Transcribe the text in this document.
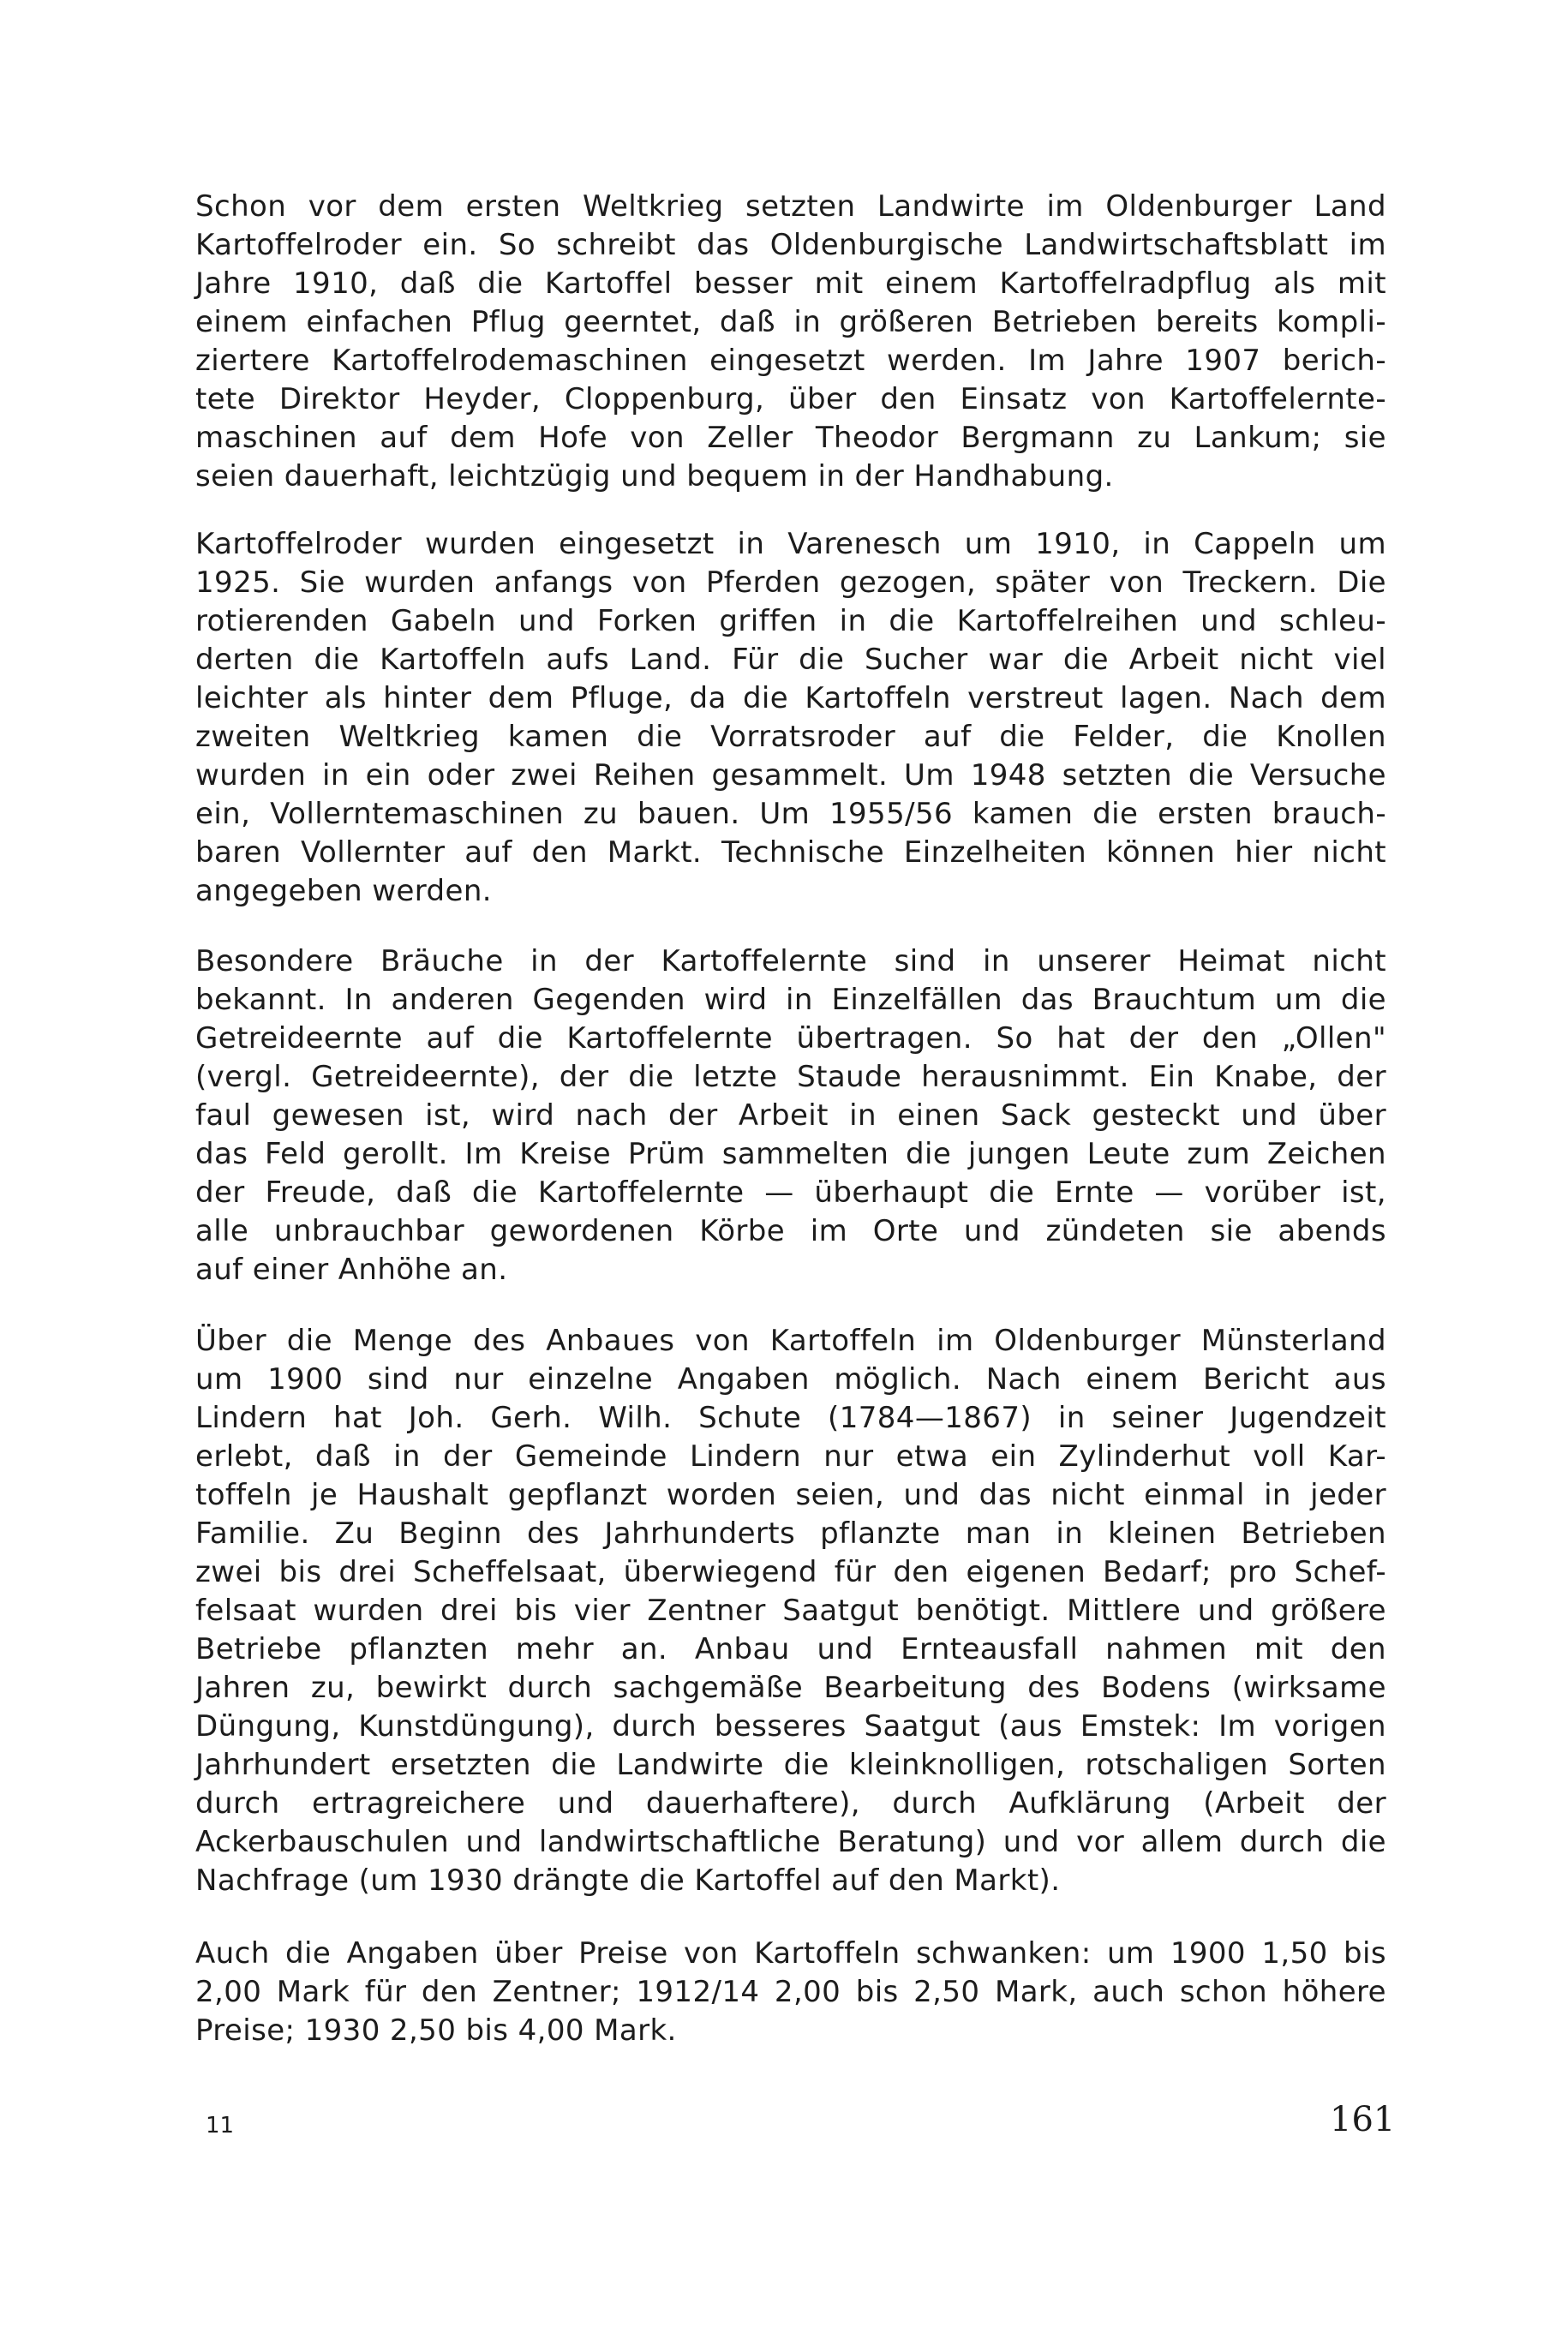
Schon vor dem ersten Weltkrieg setzten Landwirte im Oldenburger Land
Kartoffelroder ein. So schreibt das Oldenburgische Landwirtschaftsblatt im
Jahre 1910, daß die Kartoffel besser mit einem Kartoffelradpflug als mit
einem einfachen Pflug geerntet, daß in größeren Betrieben bereits kompli-
ziertere Kartoffelrodemaschinen eingesetzt werden. Im Jahre 1907 berich-
tete Direktor Heyder, Cloppenburg, über den Einsatz von Kartoffelernte-
maschinen auf dem Hofe von Zeller Theodor Bergmann zu Lankum; sie
seien dauerhaft, leichtzügig und bequem in der Handhabung.
Kartoffelroder wurden eingesetzt in Varenesch um 1910, in Cappeln um
1925. Sie wurden anfangs von Pferden gezogen, später von Treckern. Die
rotierenden Gabeln und Forken griffen in die Kartoffelreihen und schleu-
derten die Kartoffeln aufs Land. Für die Sucher war die Arbeit nicht viel
leichter als hinter dem Pfluge, da die Kartoffeln verstreut lagen. Nach dem
zweiten Weltkrieg kamen die Vorratsroder auf die Felder, die Knollen
wurden in ein oder zwei Reihen gesammelt. Um 1948 setzten die Versuche
ein, Vollerntemaschinen zu bauen. Um 1955/56 kamen die ersten brauch-
baren Vollernter auf den Markt. Technische Einzelheiten können hier nicht
angegeben werden.
Besondere Bräuche in der Kartoffelernte sind in unserer Heimat nicht
bekannt. In anderen Gegenden wird in Einzelfällen das Brauchtum um die
Getreideernte auf die Kartoffelernte übertragen. So hat der den „Ollen"
(vergl. Getreideernte), der die letzte Staude herausnimmt. Ein Knabe, der
faul gewesen ist, wird nach der Arbeit in einen Sack gesteckt und über
das Feld gerollt. Im Kreise Prüm sammelten die jungen Leute zum Zeichen
der Freude, daß die Kartoffelernte — überhaupt die Ernte — vorüber ist,
alle unbrauchbar gewordenen Körbe im Orte und zündeten sie abends
auf einer Anhöhe an.
Über die Menge des Anbaues von Kartoffeln im Oldenburger Münsterland
um 1900 sind nur einzelne Angaben möglich. Nach einem Bericht aus
Lindern hat Joh. Gerh. Wilh. Schute (1784—1867) in seiner Jugendzeit
erlebt, daß in der Gemeinde Lindern nur etwa ein Zylinderhut voll Kar-
toffeln je Haushalt gepflanzt worden seien, und das nicht einmal in jeder
Familie. Zu Beginn des Jahrhunderts pflanzte man in kleinen Betrieben
zwei bis drei Scheffelsaat, überwiegend für den eigenen Bedarf; pro Schef-
felsaat wurden drei bis vier Zentner Saatgut benötigt. Mittlere und größere
Betriebe pflanzten mehr an. Anbau und Ernteausfall nahmen mit den
Jahren zu, bewirkt durch sachgemäße Bearbeitung des Bodens (wirksame
Düngung, Kunstdüngung), durch besseres Saatgut (aus Emstek: Im vorigen
Jahrhundert ersetzten die Landwirte die kleinknolligen, rotschaligen Sorten
durch ertragreichere und dauerhaftere), durch Aufklärung (Arbeit der
Ackerbauschulen und landwirtschaftliche Beratung) und vor allem durch die
Nachfrage (um 1930 drängte die Kartoffel auf den Markt).
Auch die Angaben über Preise von Kartoffeln schwanken: um 1900 1,50 bis
2,00 Mark für den Zentner; 1912/14 2,00 bis 2,50 Mark, auch schon höhere
Preise; 1930 2,50 bis 4,00 Mark.
11	161
